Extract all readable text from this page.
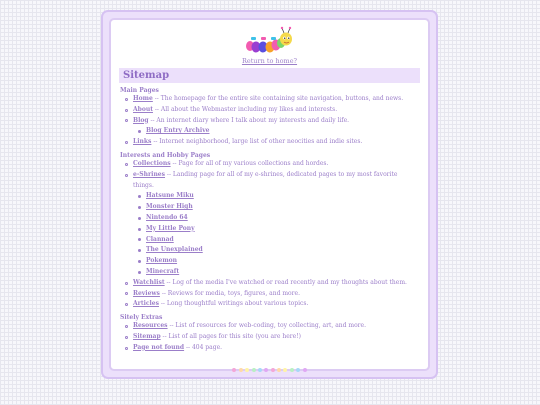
Return to home?
Sitemap
Main Pages
Home -- The homepage for the entire site containing site navigation, buttons, and news.
About -- All about the Webmaster including my likes and interests.
Blog -- An internet diary where I talk about my interests and daily life.
Blog Entry Archive
Links -- Internet neighborhood, large list of other neocities and indie sites.
Interests and Hobby Pages
Collections -- Page for all of my various collections and hordes.
e-Shrines -- Landing page for all of my e-shrines, dedicated pages to my most favorite things.
Hatsune Miku
Monster High
Nintendo 64
My Little Pony
Clannad
The Unexplained
Pokemon
Minecraft
Watchlist -- Log of the media I've watched or read recently and my thoughts about them.
Reviews -- Reviews for media, toys, figures, and more.
Articles -- Long thoughtful writings about various topics.
Sitely Extras
Resources -- List of resources for web-coding, toy collecting, art, and more.
Sitemap -- List of all pages for this site (you are here!)
Page not found -- 404 page.
